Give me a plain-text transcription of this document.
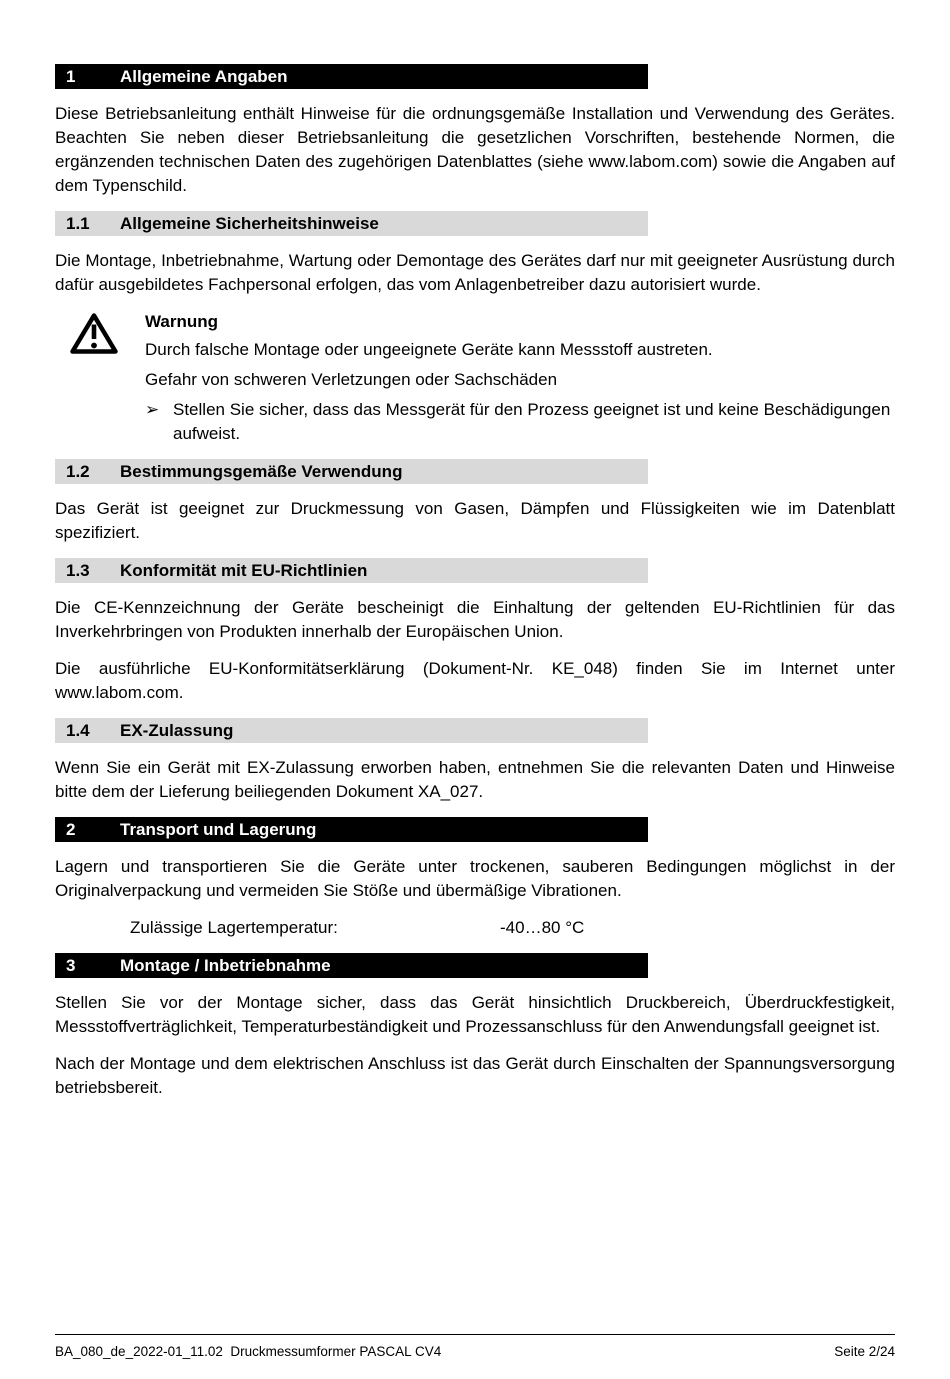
1	Allgemeine Angaben

Diese Betriebsanleitung enthält Hinweise für die ordnungsgemäße Installation und Verwendung des Gerätes. Beachten Sie neben dieser Betriebsanleitung die gesetzlichen Vorschriften, bestehende Normen, die ergänzenden technischen Daten des zugehörigen Datenblattes (siehe www.labom.com) sowie die Angaben auf dem Typenschild.

1.1	Allgemeine Sicherheitshinweise

Die Montage, Inbetriebnahme, Wartung oder Demontage des Gerätes darf nur mit geeigneter Ausrüstung durch dafür ausgebildetes Fachpersonal erfolgen, das vom Anlagenbetreiber dazu autorisiert wurde.

Warnung

Durch falsche Montage oder ungeeignete Geräte kann Messstoff austreten.

Gefahr von schweren Verletzungen oder Sachschäden

➢ Stellen Sie sicher, dass das Messgerät für den Prozess geeignet ist und keine Beschädigungen aufweist.

1.2	Bestimmungsgemäße Verwendung

Das Gerät ist geeignet zur Druckmessung von Gasen, Dämpfen und Flüssigkeiten wie im Datenblatt spezifiziert.

1.3	Konformität mit EU-Richtlinien

Die CE-Kennzeichnung der Geräte bescheinigt die Einhaltung der geltenden EU-Richtlinien für das Inverkehrbringen von Produkten innerhalb der Europäischen Union.

Die ausführliche EU-Konformitätserklärung (Dokument-Nr. KE_048) finden Sie im Internet unter www.labom.com.

1.4	EX-Zulassung

Wenn Sie ein Gerät mit EX-Zulassung erworben haben, entnehmen Sie die relevanten Daten und Hinweise bitte dem der Lieferung beiliegenden Dokument XA_027.

2	Transport und Lagerung

Lagern und transportieren Sie die Geräte unter trockenen, sauberen Bedingungen möglichst in der Originalverpackung und vermeiden Sie Stöße und übermäßige Vibrationen.

Zulässige Lagertemperatur:	-40…80 °C
3	Montage / Inbetriebnahme

Stellen Sie vor der Montage sicher, dass das Gerät hinsichtlich Druckbereich, Überdruckfestigkeit, Messstoffverträglichkeit, Temperaturbeständigkeit und Prozessanschluss für den Anwendungsfall geeignet ist.

Nach der Montage und dem elektrischen Anschluss ist das Gerät durch Einschalten der Spannungsversorgung betriebsbereit.

BA_080_de_2022-01_11.02  Druckmessumformer PASCAL CV4	Seite 2/24
